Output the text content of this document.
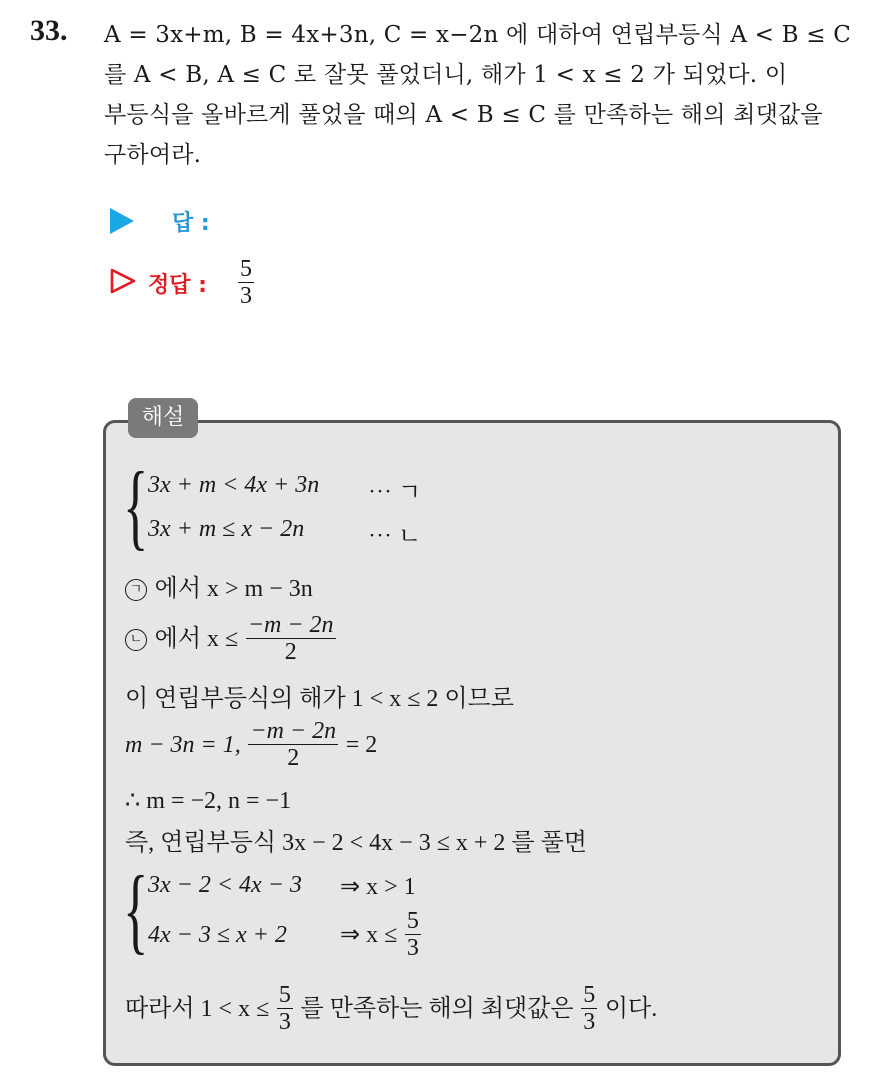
33. A = 3x+m, B = 4x+3n, C = x−2n 에 대하여 연립부등식 A < B ≤ C
를 A < B, A ≤ C 로 잘못 풀었더니, 해가 1 < x ≤ 2 가 되었다. 이
부등식을 올바르게 풀었을 때의 A < B ≤ C 를 만족하는 해의 최댓값을
구하여라.
답 :
정답 : $\frac{5}{3}$
해설
{ 3x + m < 4x + 3n ⋯ ㄱ
3x + m ≤ x − 2n	⋯ ㄴ
ㄱ 에서 x > m − 3n
ㄴ 에서 $x \le \frac{-m - 2n}{2}$
이 연립부등식의 해가 1 < x ≤ 2 이므로
m − 3n = 1, $\frac{-m - 2n}{2} = 2$
∴ m = −2, n = −1
즉, 연립부등식 3x − 2 < 4x − 3 ≤ x + 2 를 풀면
{ 3x − 2 < 4x − 3 ⇒ x > 1
4x − 3 ≤ x + 2 ⇒ $x \le \frac{5}{3}$
따라서 $1 < x \le \frac{5}{3}$ 를 만족하는 해의 최댓값은 $\frac{5}{3}$ 이다.
